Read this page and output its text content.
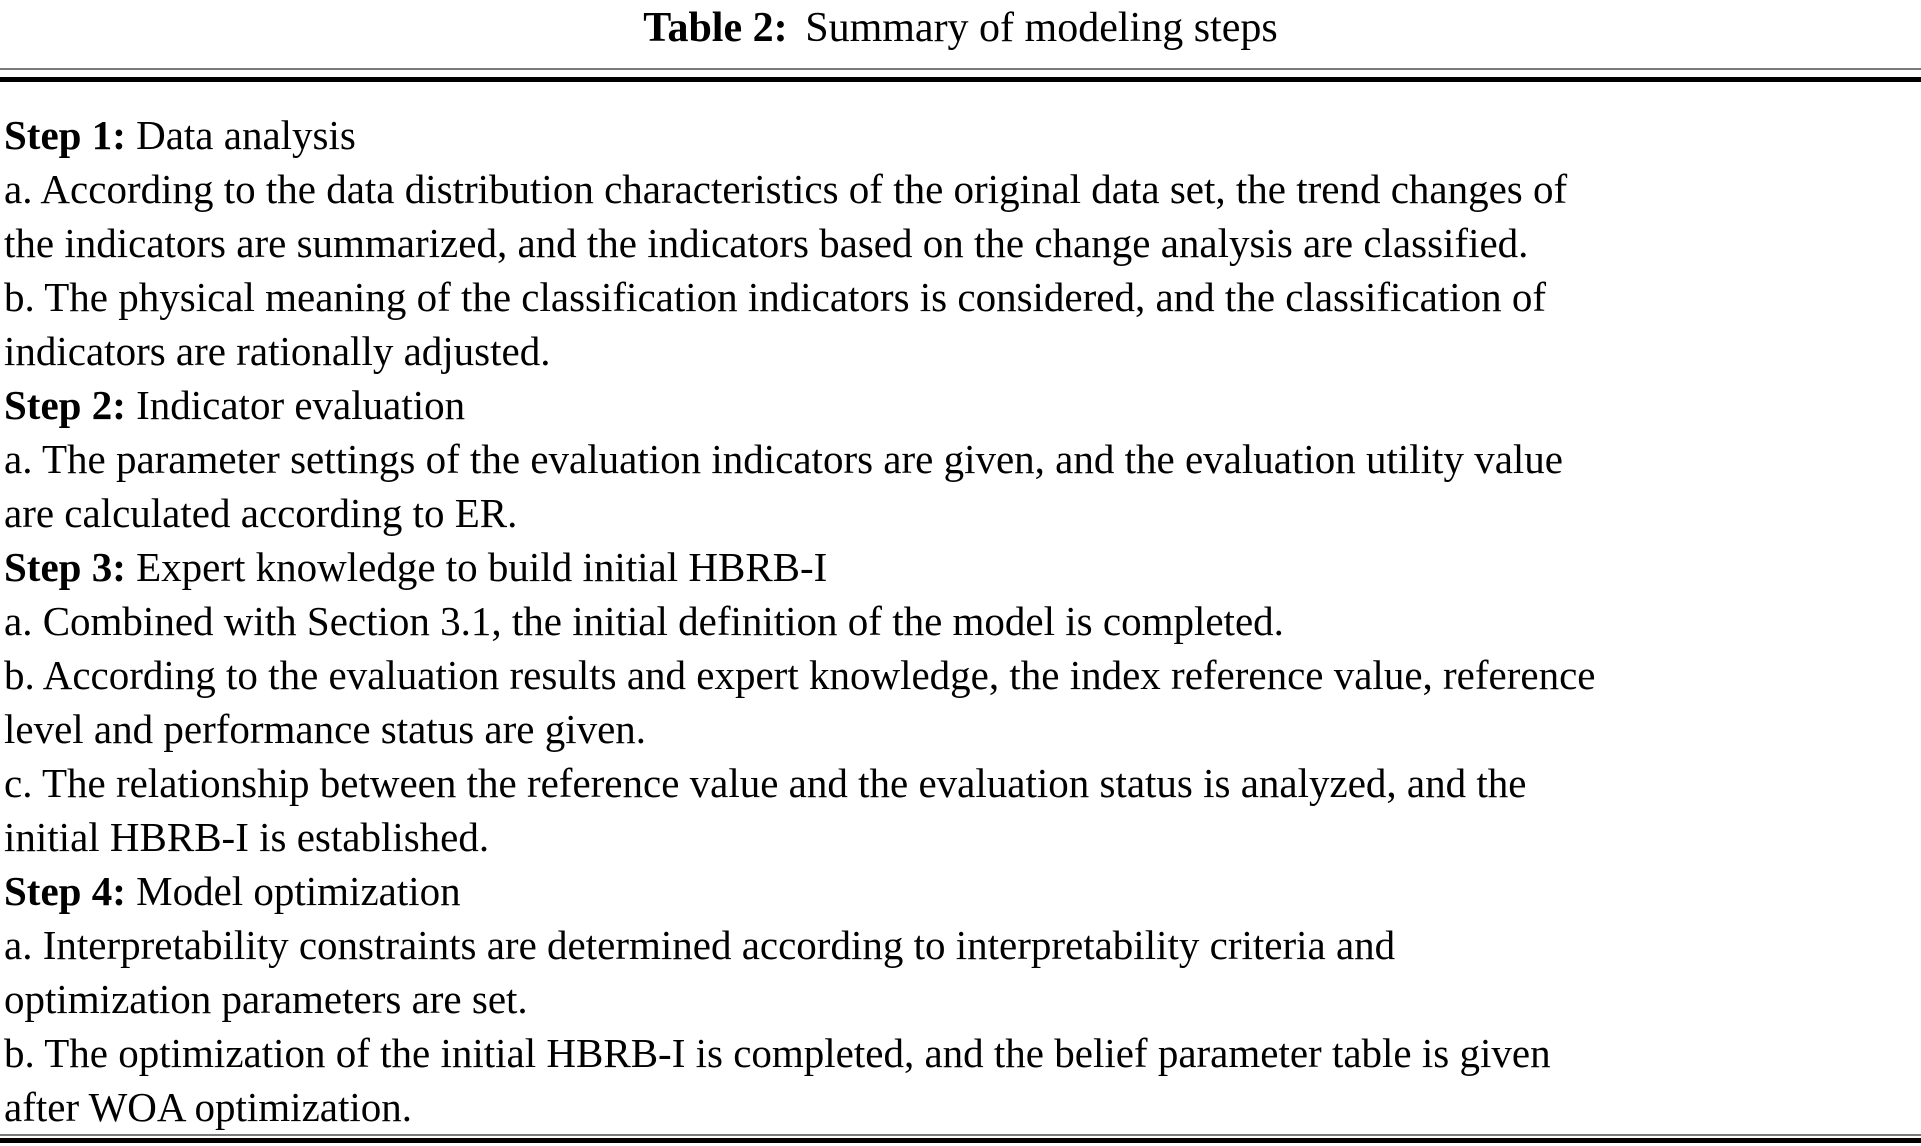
Table 2: Summary of modeling steps
Step 1: Data analysis
a. According to the data distribution characteristics of the original data set, the trend changes of
the indicators are summarized, and the indicators based on the change analysis are classified.
b. The physical meaning of the classification indicators is considered, and the classification of
indicators are rationally adjusted.
Step 2: Indicator evaluation
a. The parameter settings of the evaluation indicators are given, and the evaluation utility value
are calculated according to ER.
Step 3: Expert knowledge to build initial HBRB-I
a. Combined with Section 3.1, the initial definition of the model is completed.
b. According to the evaluation results and expert knowledge, the index reference value, reference
level and performance status are given.
c. The relationship between the reference value and the evaluation status is analyzed, and the
initial HBRB-I is established.
Step 4: Model optimization
a. Interpretability constraints are determined according to interpretability criteria and
optimization parameters are set.
b. The optimization of the initial HBRB-I is completed, and the belief parameter table is given
after WOA optimization.
